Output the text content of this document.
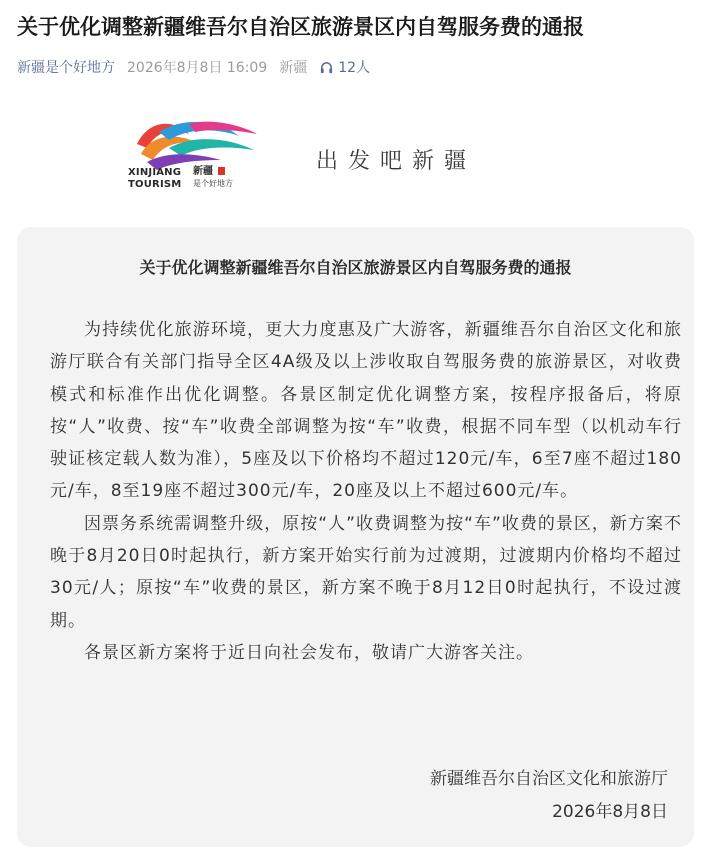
关于优化调整新疆维吾尔自治区旅游景区内自驾服务费的通报
新疆是个好地方 2026年8月8日 16:09 新疆 12人
XINJIANG
TOURISM
新疆
是个好地方
出发吧新疆
关于优化调整新疆维吾尔自治区旅游景区内自驾服务费的通报

为持续优化旅游环境，更大力度惠及广大游客，新疆维吾尔自治区文化和旅游厅联合有关部门指导全区4A级及以上涉收取自驾服务费的旅游景区，对收费模式和标准作出优化调整。各景区制定优化调整方案，按程序报备后，将原按“人”收费、按“车”收费全部调整为按“车”收费，根据不同车型（以机动车行驶证核定载人数为准），5座及以下价格均不超过120元/车，6至7座不超过180元/车，8至19座不超过300元/车，20座及以上不超过600元/车。

因票务系统需调整升级，原按“人”收费调整为按“车”收费的景区，新方案不晚于8月20日0时起执行，新方案开始实行前为过渡期，过渡期内价格均不超过30元/人；原按“车”收费的景区，新方案不晚于8月12日0时起执行，不设过渡期。

各景区新方案将于近日向社会发布，敬请广大游客关注。

新疆维吾尔自治区文化和旅游厅
2026年8月8日
